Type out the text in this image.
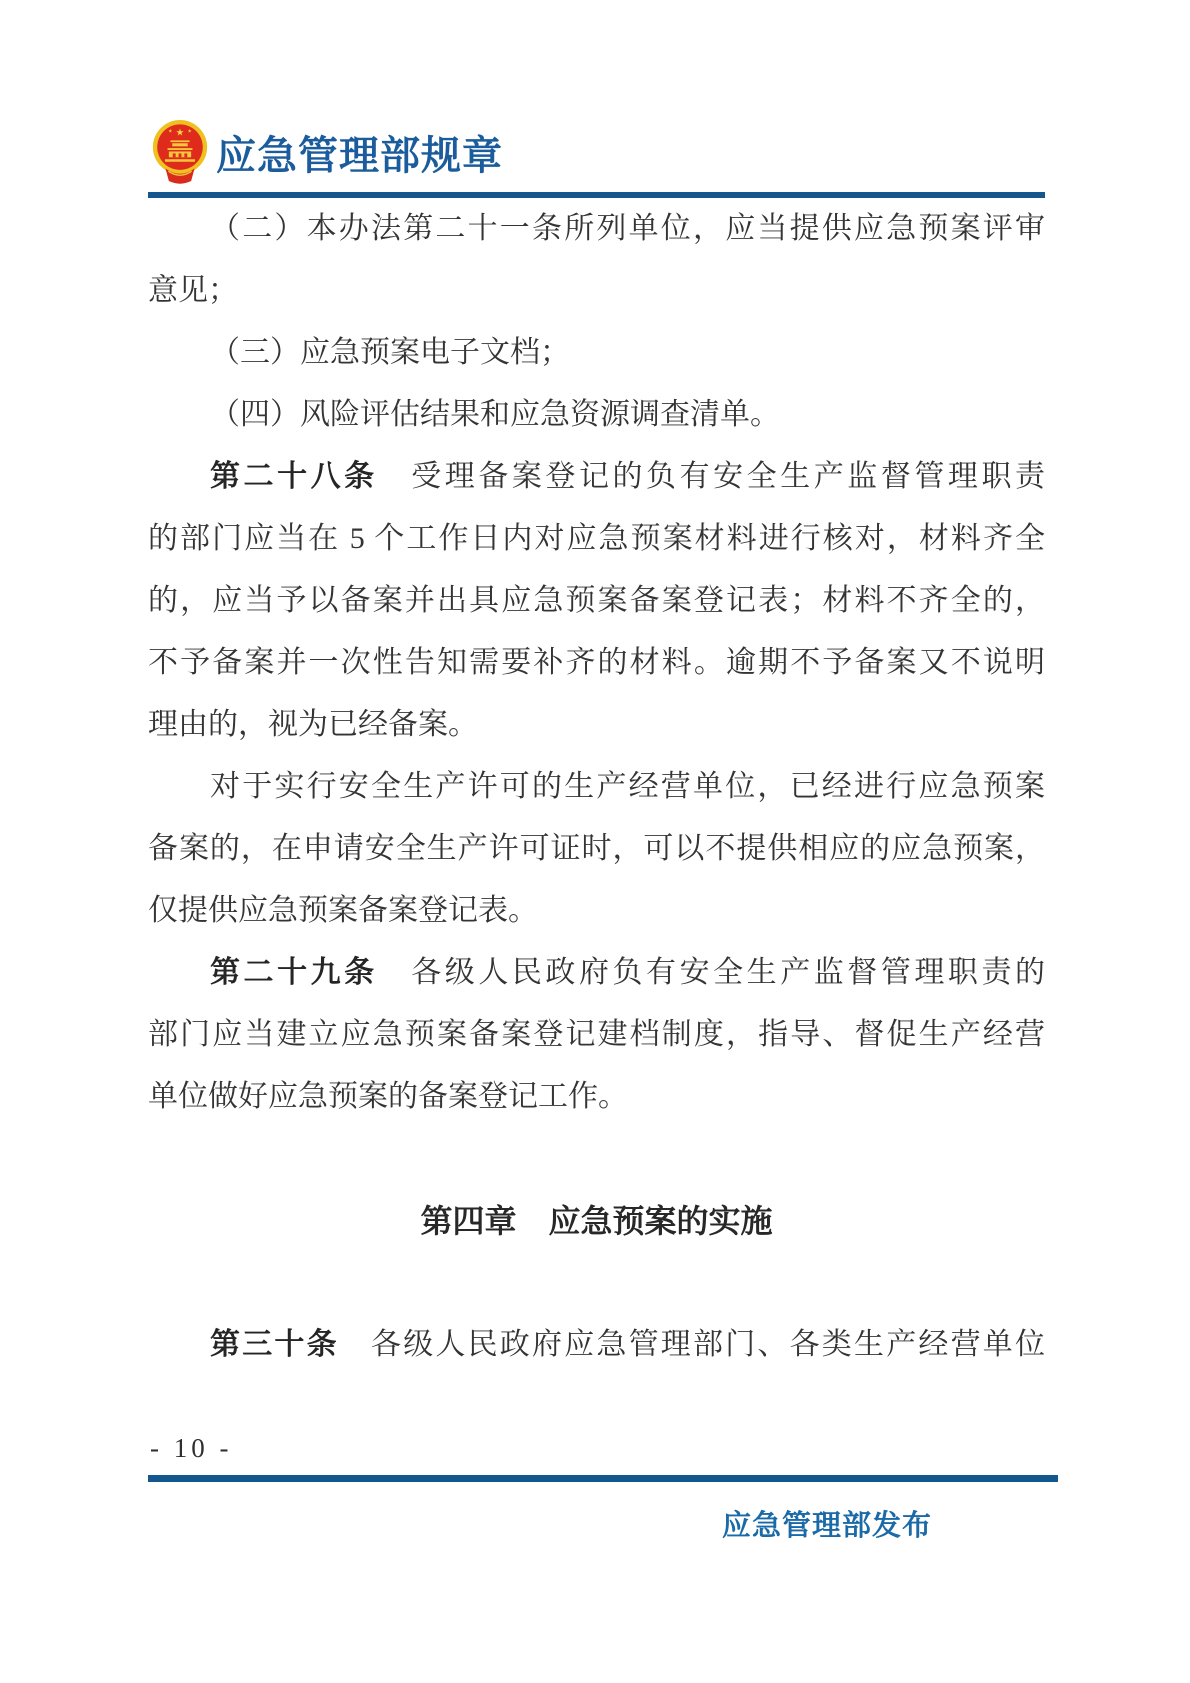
★
★	★
应急管理部规章
（二）本办法第二十一条所列单位，应当提供应急预案评审
意见；
（三）应急预案电子文档；
（四）风险评估结果和应急资源调查清单。
第二十八条　受理备案登记的负有安全生产监督管理职责
的部门应当在 5 个工作日内对应急预案材料进行核对，材料齐全
的，应当予以备案并出具应急预案备案登记表；材料不齐全的，
不予备案并一次性告知需要补齐的材料。逾期不予备案又不说明
理由的，视为已经备案。
对于实行安全生产许可的生产经营单位，已经进行应急预案
备案的，在申请安全生产许可证时，可以不提供相应的应急预案，
仅提供应急预案备案登记表。
第二十九条　各级人民政府负有安全生产监督管理职责的
部门应当建立应急预案备案登记建档制度，指导、督促生产经营
单位做好应急预案的备案登记工作。
第四章　应急预案的实施
第三十条　各级人民政府应急管理部门、各类生产经营单位
- 10 -
应急管理部发布
